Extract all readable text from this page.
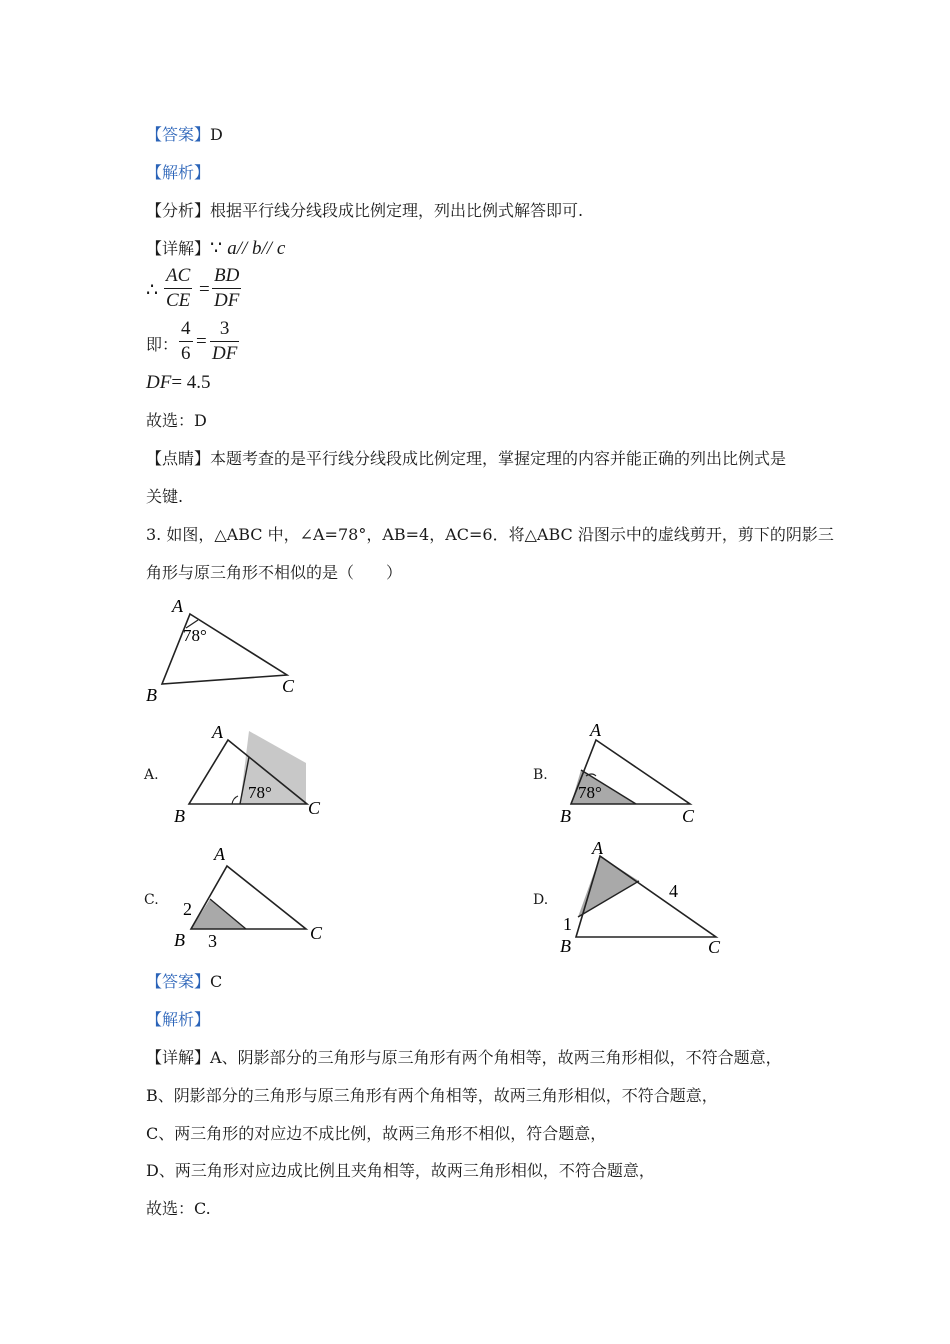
【答案】D
【解析】
【分析】根据平行线分线段成比例定理，列出比例式解答即可.
【详解】∵ a// b// c
∴
AC
CE
=
BD
DF
即：
4
6
=
3
DF
DF= 4.5
故选：D
【点睛】本题考查的是平行线分线段成比例定理，掌握定理的内容并能正确的列出比例式是
关键.
3. 如图，△ABC 中，∠A=78°，AB=4，AC=6．将△ABC 沿图示中的虚线剪开，剪下的阴影三
角形与原三角形不相似的是（　　）
A
B	C
78°
A.
A
B	C
78°
B.
A
B	C
78°
C.
A
B	C
2
3
D.
A
B	C
1
4
【答案】C
【解析】
【详解】A、阴影部分的三角形与原三角形有两个角相等，故两三角形相似，不符合题意，
B、阴影部分的三角形与原三角形有两个角相等，故两三角形相似，不符合题意，
C、两三角形的对应边不成比例，故两三角形不相似，符合题意，
D、两三角形对应边成比例且夹角相等，故两三角形相似，不符合题意，
故选：C.
